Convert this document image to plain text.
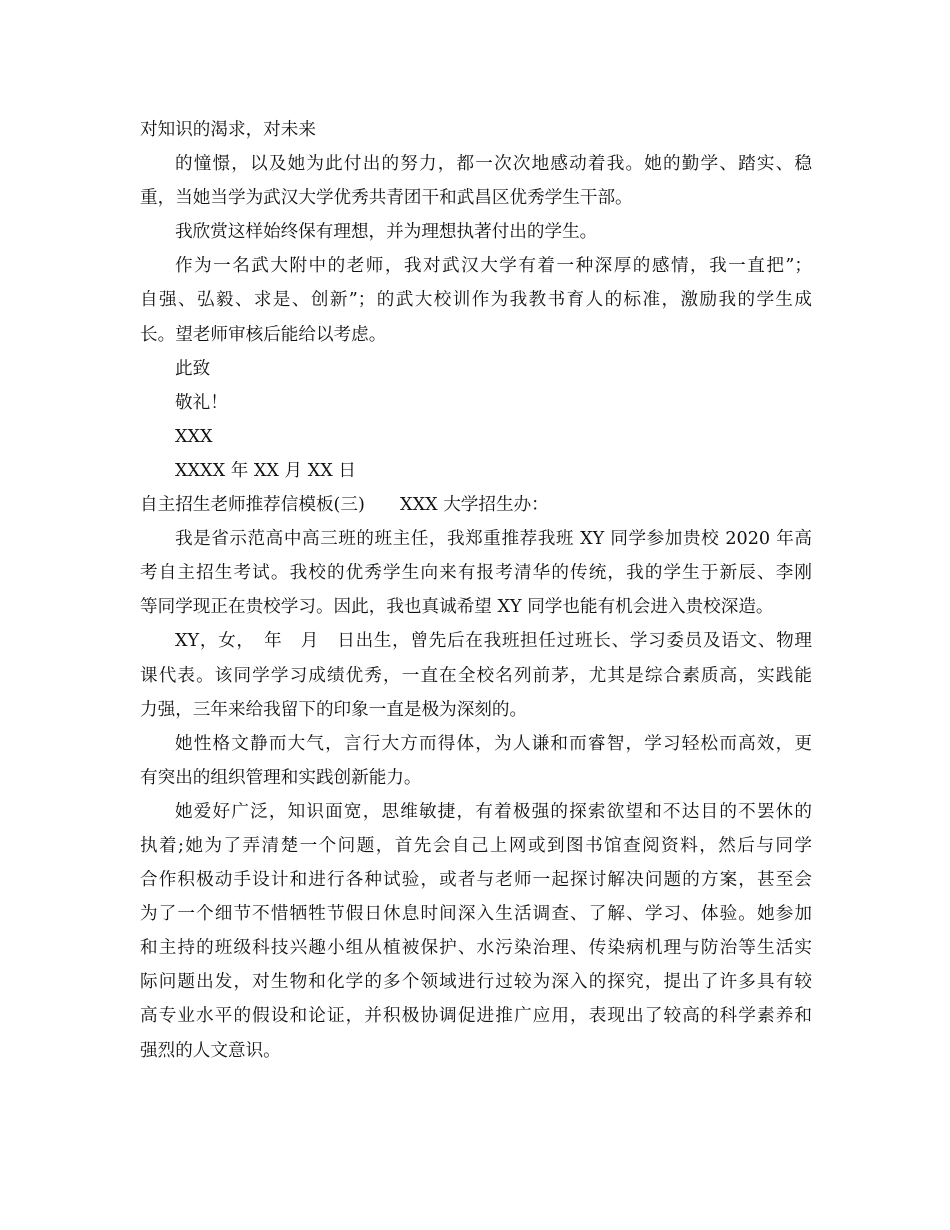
对知识的渴求，对未来
的憧憬，以及她为此付出的努力，都一次次地感动着我。她的勤学、踏实、稳
重，当她当学为武汉大学优秀共青团干和武昌区优秀学生干部。
我欣赏这样始终保有理想，并为理想执著付出的学生。
作为一名武大附中的老师，我对武汉大学有着一种深厚的感情，我一直把”；
自强、弘毅、求是、创新”；的武大校训作为我教书育人的标准，激励我的学生成
长。望老师审核后能给以考虑。
此致
敬礼！
XXX
XXXX 年 XX 月 XX 日
自主招生老师推荐信模板(三)　　XXX 大学招生办：
我是省示范高中高三班的班主任，我郑重推荐我班 XY 同学参加贵校 2020 年高
考自主招生考试。我校的优秀学生向来有报考清华的传统，我的学生于新辰、李刚
等同学现正在贵校学习。因此，我也真诚希望 XY 同学也能有机会进入贵校深造。
XY，女，　年　月　日出生，曾先后在我班担任过班长、学习委员及语文、物理
课代表。该同学学习成绩优秀，一直在全校名列前茅，尤其是综合素质高，实践能
力强，三年来给我留下的印象一直是极为深刻的。
她性格文静而大气，言行大方而得体，为人谦和而睿智，学习轻松而高效，更
有突出的组织管理和实践创新能力。
她爱好广泛，知识面宽，思维敏捷，有着极强的探索欲望和不达目的不罢休的
执着;她为了弄清楚一个问题，首先会自己上网或到图书馆查阅资料，然后与同学
合作积极动手设计和进行各种试验，或者与老师一起探讨解决问题的方案，甚至会
为了一个细节不惜牺牲节假日休息时间深入生活调查、了解、学习、体验。她参加
和主持的班级科技兴趣小组从植被保护、水污染治理、传染病机理与防治等生活实
际问题出发，对生物和化学的多个领域进行过较为深入的探究，提出了许多具有较
高专业水平的假设和论证，并积极协调促进推广应用，表现出了较高的科学素养和
强烈的人文意识。
